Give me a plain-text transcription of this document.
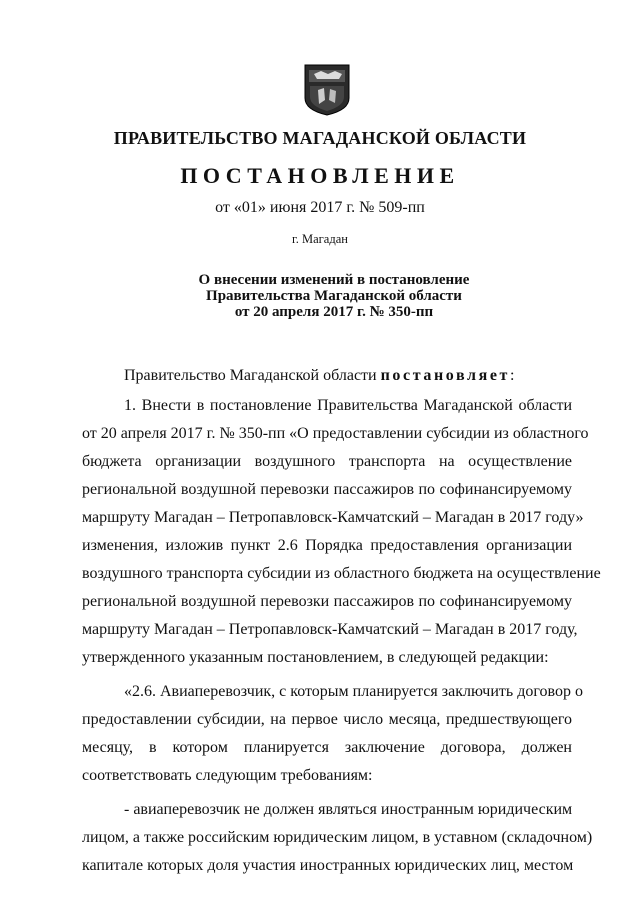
ПРАВИТЕЛЬСТВО МАГАДАНСКОЙ ОБЛАСТИ
ПОСТАНОВЛЕНИЕ
от «01» июня 2017 г. № 509-пп
г. Магадан
О внесении изменений в постановление
Правительства Магаданской области
от 20 апреля 2017 г. № 350-пп
Правительство Магаданской области постановляет:
1. Внести в постановление Правительства Магаданской области
от 20 апреля 2017 г. № 350-пп «О предоставлении субсидии из областного
бюджета организации воздушного транспорта на осуществление
региональной воздушной перевозки пассажиров по софинансируемому
маршруту Магадан – Петропавловск-Камчатский – Магадан в 2017 году»
изменения, изложив пункт 2.6 Порядка предоставления организации
воздушного транспорта субсидии из областного бюджета на осуществление
региональной воздушной перевозки пассажиров по софинансируемому
маршруту Магадан – Петропавловск-Камчатский – Магадан в 2017 году,
утвержденного указанным постановлением, в следующей редакции:
«2.6. Авиаперевозчик, с которым планируется заключить договор о
предоставлении субсидии, на первое число месяца, предшествующего
месяцу, в котором планируется заключение договора, должен
соответствовать следующим требованиям:
- авиаперевозчик не должен являться иностранным юридическим
лицом, а также российским юридическим лицом, в уставном (складочном)
капитале которых доля участия иностранных юридических лиц, местом
